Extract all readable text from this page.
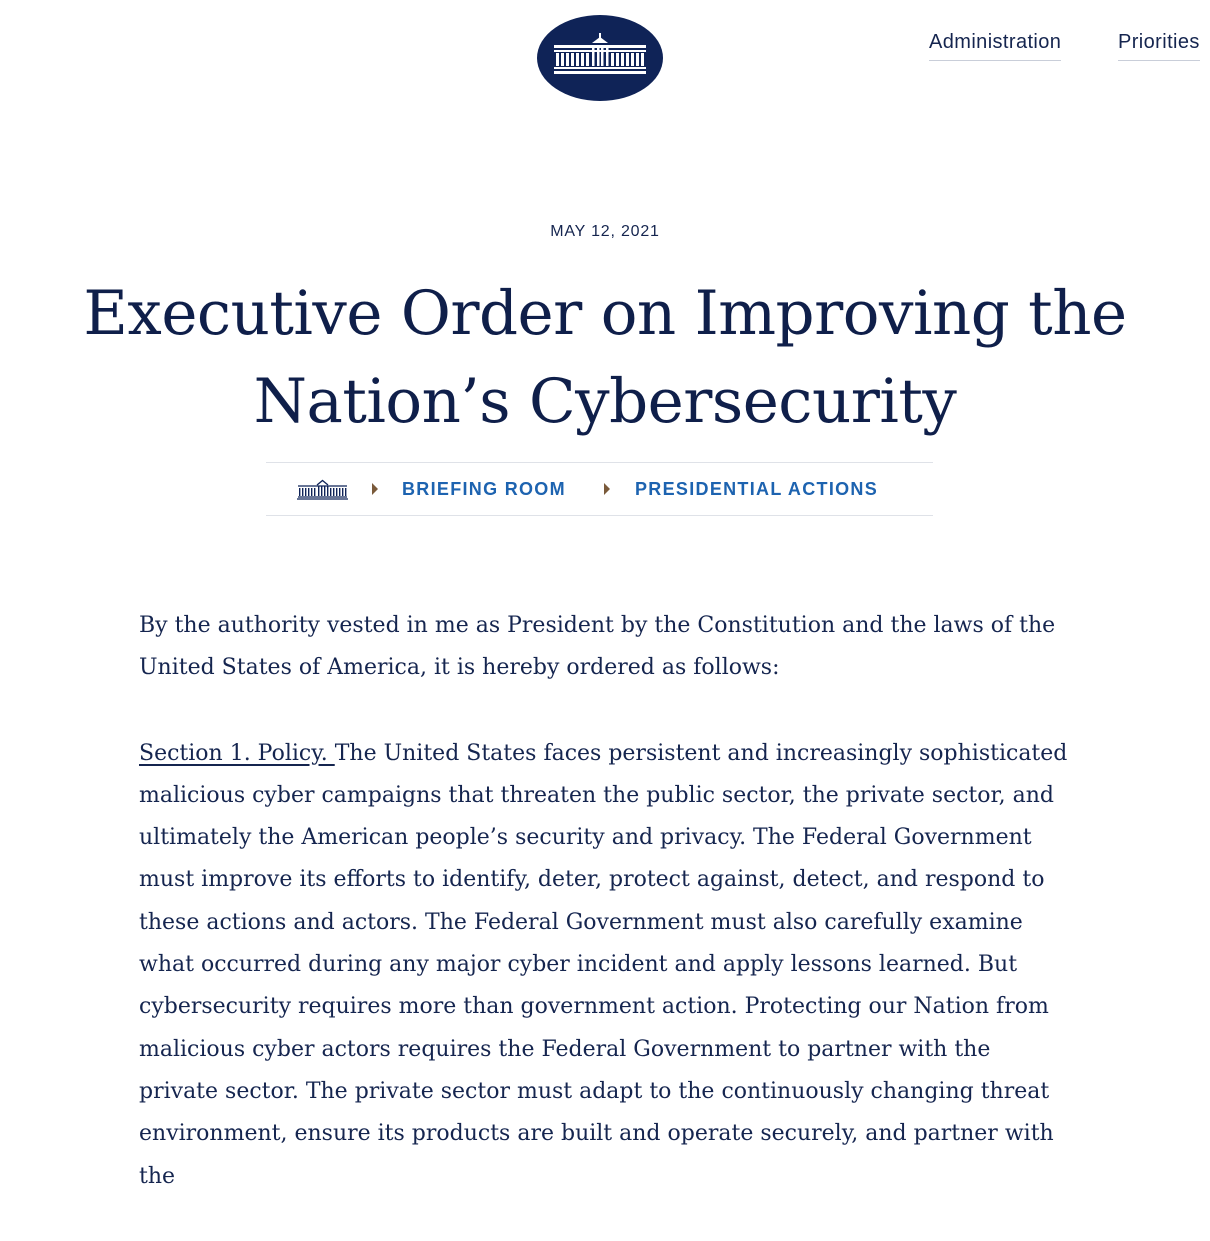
Administration	Priorities
MAY 12, 2021
Executive Order on Improving the Nation’s Cybersecurity
BRIEFING ROOM	PRESIDENTIAL ACTIONS

By the authority vested in me as President by the Constitution and the laws of the United States of America, it is hereby ordered as follows:

Section 1. Policy. The United States faces persistent and increasingly sophisticated malicious cyber campaigns that threaten the public sector, the private sector, and ultimately the American people’s security and privacy. The Federal Government must improve its efforts to identify, deter, protect against, detect, and respond to these actions and actors. The Federal Government must also carefully examine what occurred during any major cyber incident and apply lessons learned. But cybersecurity requires more than government action. Protecting our Nation from malicious cyber actors requires the Federal Government to partner with the private sector. The private sector must adapt to the continuously changing threat environment, ensure its products are built and operate securely, and partner with the
